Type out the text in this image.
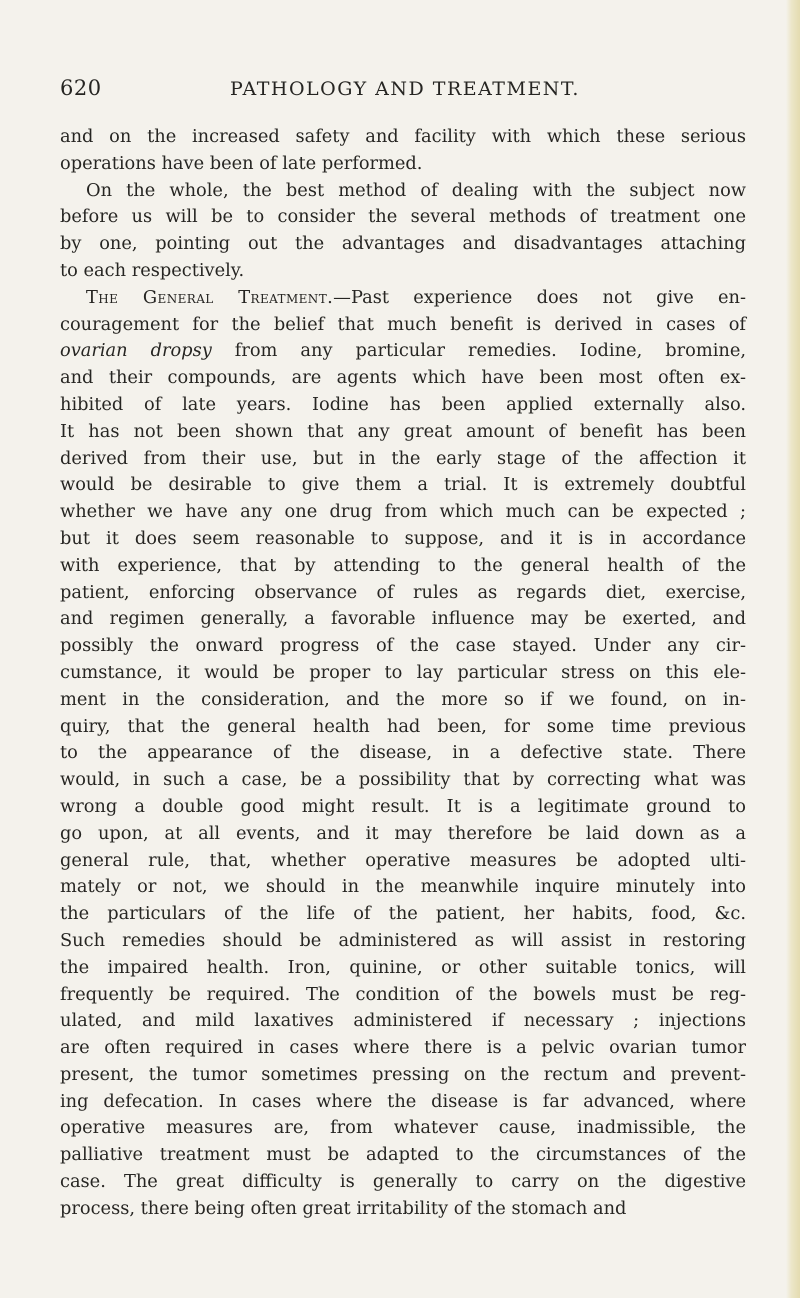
620	PATHOLOGY AND TREATMENT.
and on the increased safety and facility with which these serious
operations have been of late performed.
On the whole, the best method of dealing with the subject now
before us will be to consider the several methods of treatment one
by one, pointing out the advantages and disadvantages attaching
to each respectively.
The General Treatment.—Past experience does not give en-
couragement for the belief that much benefit is derived in cases of
ovarian dropsy from any particular remedies. Iodine, bromine,
and their compounds, are agents which have been most often ex-
hibited of late years. Iodine has been applied externally also.
It has not been shown that any great amount of benefit has been
derived from their use, but in the early stage of the affection it
would be desirable to give them a trial. It is extremely doubtful
whether we have any one drug from which much can be expected ;
but it does seem reasonable to suppose, and it is in accordance
with experience, that by attending to the general health of the
patient, enforcing observance of rules as regards diet, exercise,
and regimen generally, a favorable influence may be exerted, and
possibly the onward progress of the case stayed. Under any cir-
cumstance, it would be proper to lay particular stress on this ele-
ment in the consideration, and the more so if we found, on in-
quiry, that the general health had been, for some time previous
to the appearance of the disease, in a defective state. There
would, in such a case, be a possibility that by correcting what was
wrong a double good might result. It is a legitimate ground to
go upon, at all events, and it may therefore be laid down as a
general rule, that, whether operative measures be adopted ulti-
mately or not, we should in the meanwhile inquire minutely into
the particulars of the life of the patient, her habits, food, &c.
Such remedies should be administered as will assist in restoring
the impaired health. Iron, quinine, or other suitable tonics, will
frequently be required. The condition of the bowels must be reg-
ulated, and mild laxatives administered if necessary ; injections
are often required in cases where there is a pelvic ovarian tumor
present, the tumor sometimes pressing on the rectum and prevent-
ing defecation. In cases where the disease is far advanced, where
operative measures are, from whatever cause, inadmissible, the
palliative treatment must be adapted to the circumstances of the
case. The great difficulty is generally to carry on the digestive
process, there being often great irritability of the stomach and
